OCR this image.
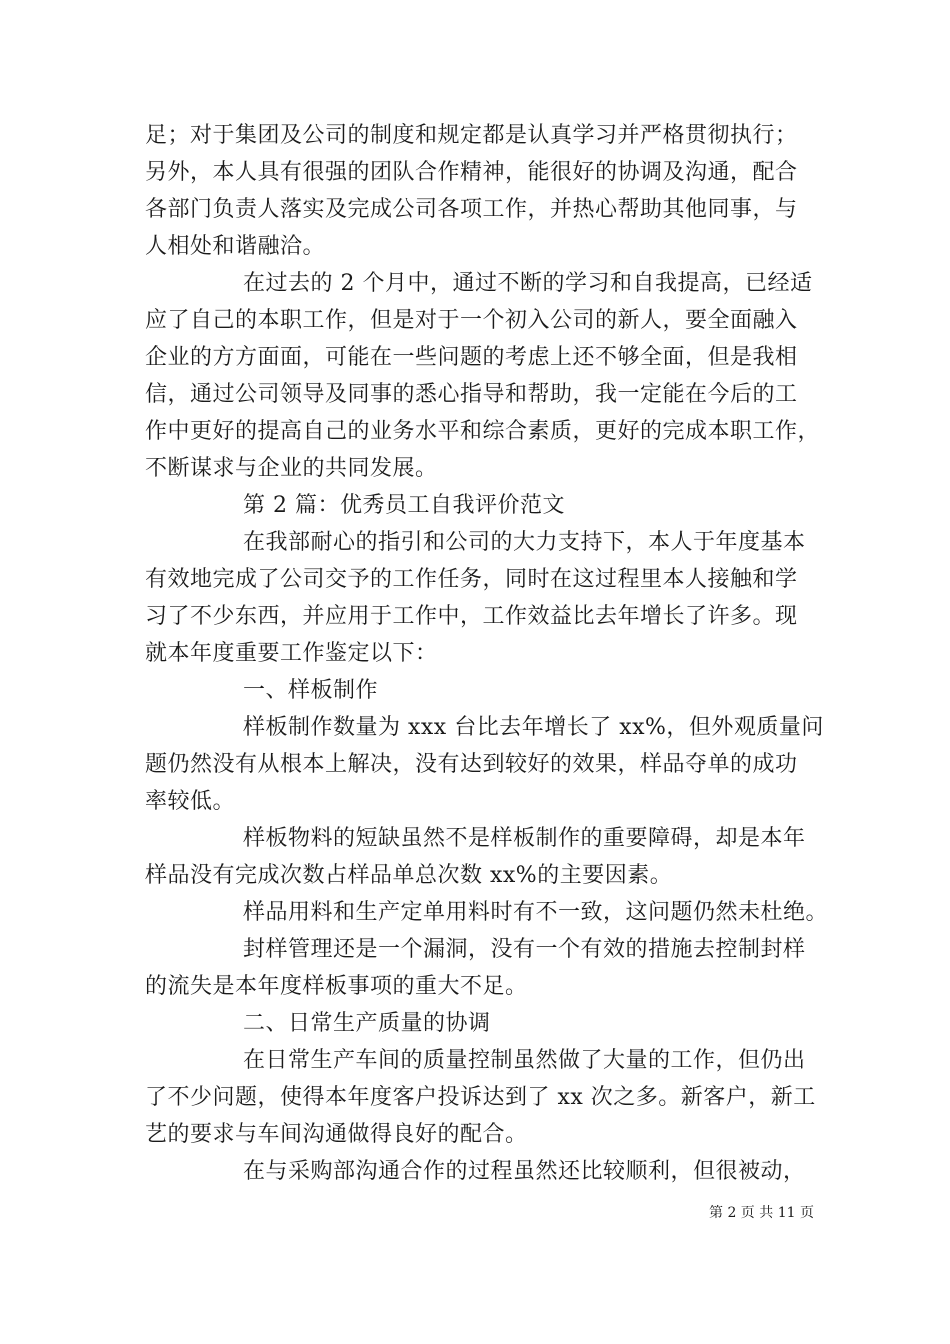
足；对于集团及公司的制度和规定都是认真学习并严格贯彻执行；
另外，本人具有很强的团队合作精神，能很好的协调及沟通，配合
各部门负责人落实及完成公司各项工作，并热心帮助其他同事，与
人相处和谐融洽。
在过去的 2 个月中，通过不断的学习和自我提高，已经适
应了自己的本职工作，但是对于一个初入公司的新人，要全面融入
企业的方方面面，可能在一些问题的考虑上还不够全面，但是我相
信，通过公司领导及同事的悉心指导和帮助，我一定能在今后的工
作中更好的提高自己的业务水平和综合素质，更好的完成本职工作，
不断谋求与企业的共同发展。
第 2 篇：优秀员工自我评价范文
在我部耐心的指引和公司的大力支持下，本人于年度基本
有效地完成了公司交予的工作任务，同时在这过程里本人接触和学
习了不少东西，并应用于工作中，工作效益比去年增长了许多。现
就本年度重要工作鉴定以下：
一、样板制作
样板制作数量为 xxx 台比去年增长了 xx%，但外观质量问
题仍然没有从根本上解决，没有达到较好的效果，样品夺单的成功
率较低。
样板物料的短缺虽然不是样板制作的重要障碍，却是本年
样品没有完成次数占样品单总次数 xx%的主要因素。
样品用料和生产定单用料时有不一致，这问题仍然未杜绝。
封样管理还是一个漏洞，没有一个有效的措施去控制封样
的流失是本年度样板事项的重大不足。
二、日常生产质量的协调
在日常生产车间的质量控制虽然做了大量的工作，但仍出
了不少问题，使得本年度客户投诉达到了 xx 次之多。新客户，新工
艺的要求与车间沟通做得良好的配合。
在与采购部沟通合作的过程虽然还比较顺利，但很被动，
第 2 页 共 11 页
